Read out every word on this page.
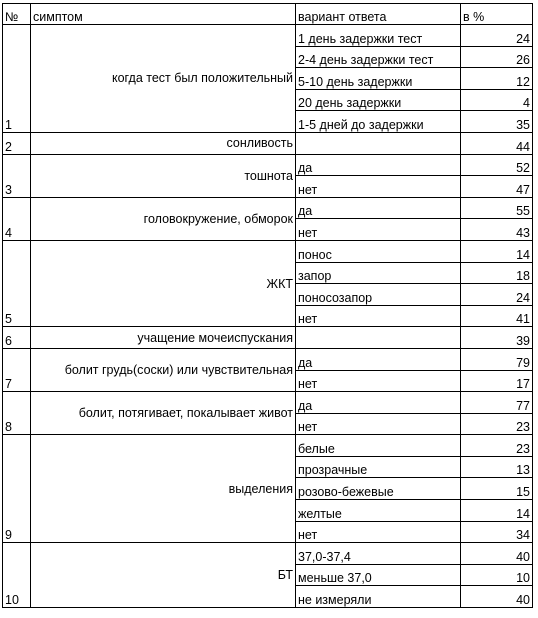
№	симптом	вариант ответа	в %
1	когда тест был положительный	1 день задержки тест	24
		2-4 день задержки тест	26
		5-10 день задержки	12
		20 день задержки	4
		1-5 дней до задержки	35
2	сонливость		44
3	тошнота	да	52
		нет	47
4	головокружение, обморок	да	55
		нет	43
5	ЖКТ	понос	14
		запор	18
		поносозапор	24
		нет	41
6	учащение мочеиспускания		39
7	болит грудь(соски) или чувствительная	да	79
		нет	17
8	болит, потягивает, покалывает живот	да	77
		нет	23
9	выделения	белые	23
		прозрачные	13
		розово-бежевые	15
		желтые	14
		нет	34
10	БТ	37,0-37,4	40
		меньше 37,0	10
		не измеряли	40
